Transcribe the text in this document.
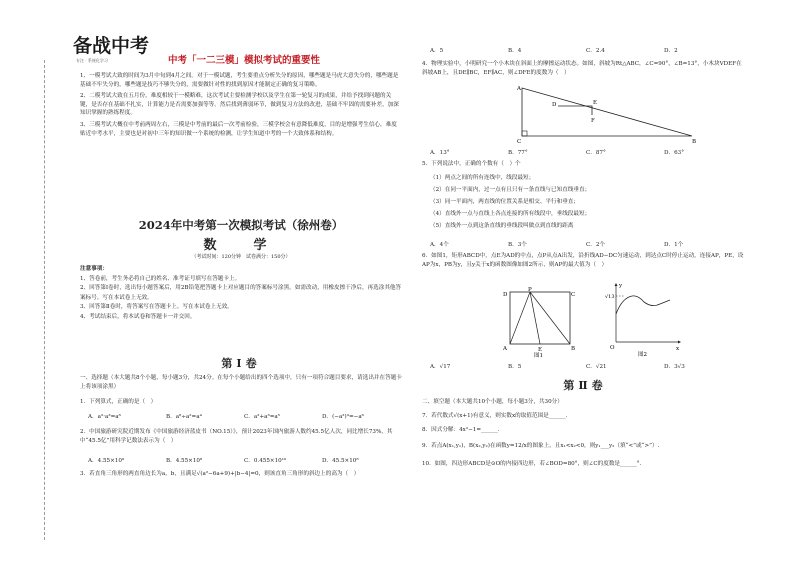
备战中考
专注 · 系统化学习	中考「一二三模」模拟考试的重要性

1、一模考试大致的时间为3月中旬到4月之间。对于一模试题，考生要重点分析失分的原因，哪些题是马虎大意失分的，哪些题是基础不牢失分的，哪些题是技巧不够失分的，需要做针对性的找到原因才能制定正确的复习策略。

2、二模考试大致在五月份，难度相较于一模略难，这次考试主要检测学校以及学生在第一轮复习的成果，并给予找到问题的关键，是否存在基础不扎实，计算能力是否需要加强等等。然后找到薄弱环节，做到复习方法的改进，基础不牢固的需要补差，加深知识掌握的熟练程度。

3、三模考试大概在中考前两周左右，三模是中考前的最后一次考前检验，三模学校会有意降低难度，目的是增强考生信心，难度贴近中考水平，主要也是对初中三年的知识做一个系统的检测，让学生知道中考的一个大致体系和结构。

2024年中考第一次模拟考试（徐州卷）
数　学
（考试时间：120分钟　试卷满分：150分）
注意事项：
1、答卷前，考生务必将自己的姓名、准考证号填写在答题卡上。
2、回答第Ⅰ卷时，选出每小题答案后，用2B铅笔把答题卡上对应题目的答案标号涂黑。如需改动，用橡皮擦干净后，再选涂其他答案标号。写在本试卷上无效。
3、回答第Ⅱ卷时，将答案写在答题卡上。写在本试卷上无效。
4、考试结束后，将本试卷和答题卡一并交回。
第Ⅰ卷
一、选择题（本大题共8个小题，每小题3分，共24分。在每个小题给出的四个选项中，只有一项符合题目要求，请选出并在答题卡上将该项涂黑）
1．下列算式，正确的是（　）
A．a²·a³=a⁶	B．a⁸÷a²=a⁴	C．a²+a³=a⁵	D．(−a²)³=−a⁶
2．中国旅游研究院近期发布《中国旅游经济蓝皮书（NO.15）》，预计2023年国内旅游人数约45.5亿人次，同比增长73%，其中“45.5亿”用科学记数法表示为（　）
A．4.55×10⁹	B．4.55×10⁸	C．0.455×10¹⁰	D．45.5×10⁸
3．若直角三角形的两直角边长为a，b，且满足√(a²−6a+9)+|b−4|=0，则该直角三角形的斜边上的高为（　）
A．5	B．4	C．2.4	D．2
4．物理实验中，小明研究一个小木块在斜面上的摩擦运动状态。如图，斜坡为Rt△ABC，∠C=90°，∠B=13°，小木块VDEF在斜坡AB上，且DE∥BC，EF∥AC，则∠DFE的度数为（　）
A
C	B
D	E
F
A．13°	B．77°	C．87°	D．63°
5．下列说法中，正确的个数有（　）个
（1）两点之间的所有连线中，线段最短；
（2）在同一平面内，过一点有且只有一条直线与已知直线垂直；
（3）同一平面内，两直线的位置关系是相交、平行和垂直；
（4）直线外一点与直线上各点连接的所有线段中，垂线段最短；
（5）直线外一点到这条直线的垂线段叫做点到直线的距离
A．4个	B．3个	C．2个	D．1个
6．如图1，矩形ABCD中，点E为AD的中点，点P从点A出发，沿折线AD−DC匀速运动，到达点C时停止运动，连接AP，PE，设AP为x，PB为y，且y关于x的函数图像如图2所示，则AP的最大值为（　）
D
P
C
A	E	B
图1
√13
O	x
y
图2
A．√17	B．5	C．√21	D．3√3
第Ⅱ卷
二、填空题（本大题共10个小题，每小题3分，共30分）
7．若代数式√(x+1)有意义，则实数x的取值范围是______．
8．因式分解：4x²−1=______．
9．若点A(x₁,y₁)，B(x₂,y₂)在函数y=12/x的图象上，且x₁<x₂<0，则y₁___y₂（填“<”或“>”）.
10．如图，四边形ABCD是⊙O的内接四边形，若∠BOD=80°，则∠C的度数是______°.
